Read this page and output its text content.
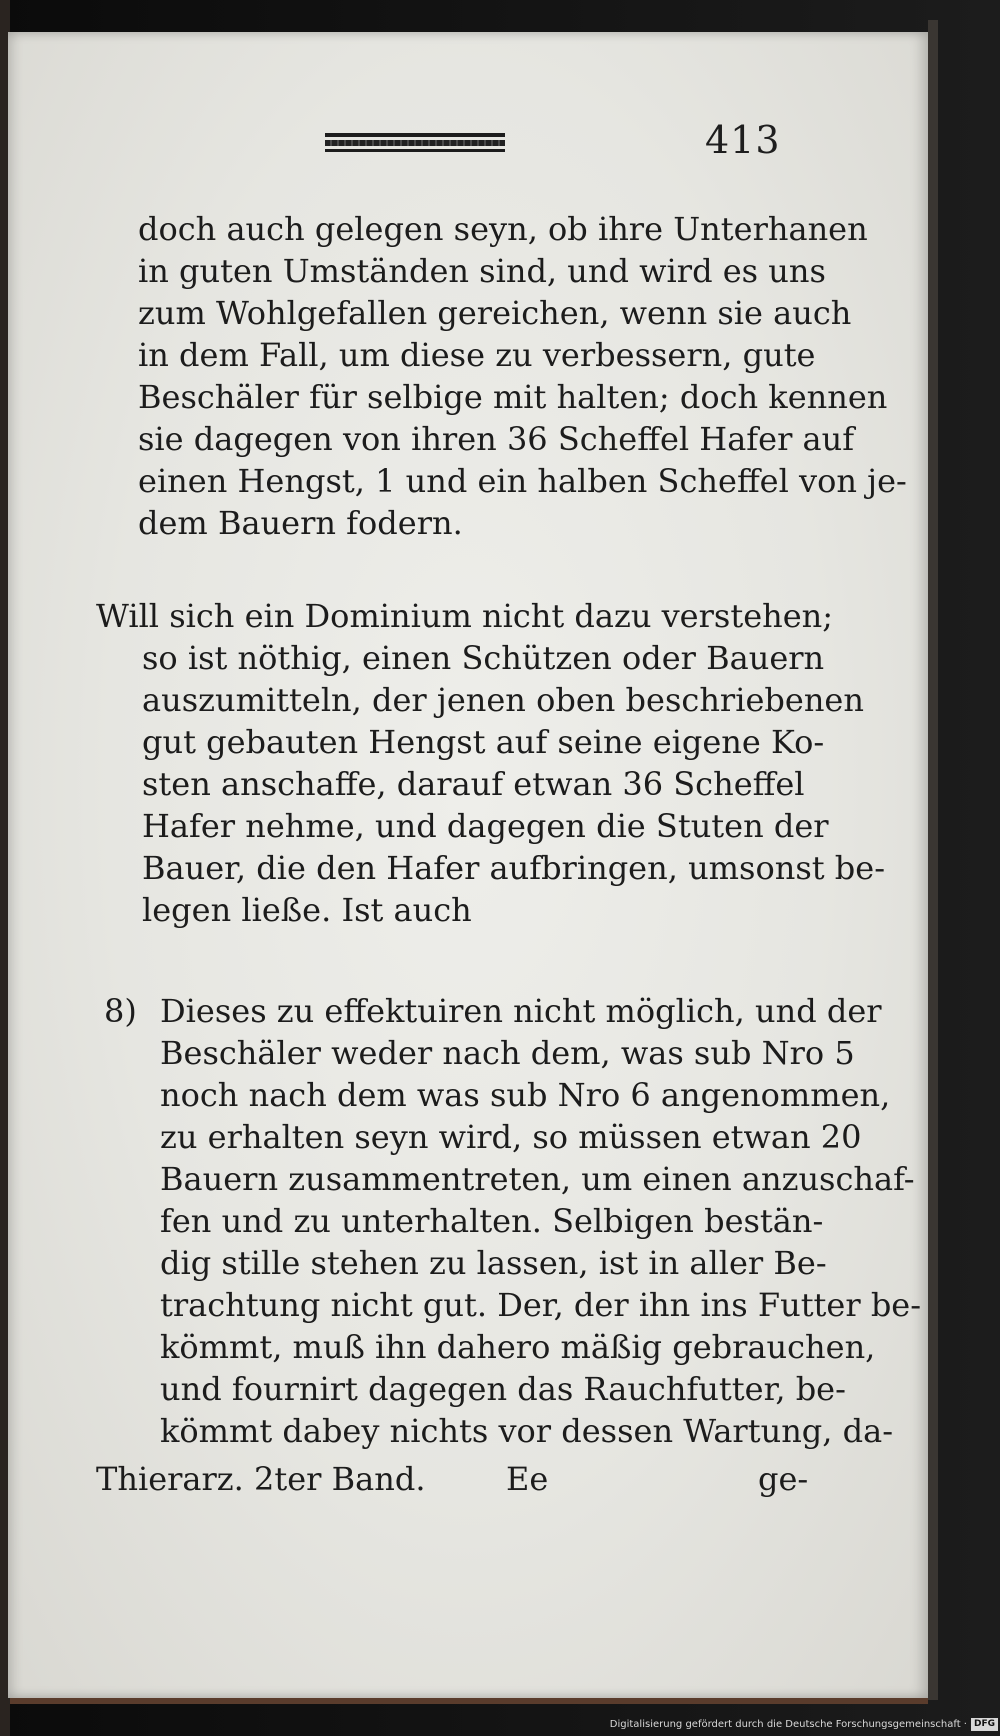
413
doch auch gelegen seyn, ob ihre Unterhanen
in guten Umständen sind, und wird es uns
zum Wohlgefallen gereichen, wenn sie auch
in dem Fall, um diese zu verbessern, gute
Beschäler für selbige mit halten; doch kennen
sie dagegen von ihren 36 Scheffel Hafer auf
einen Hengst, 1 und ein halben Scheffel von je-
dem Bauern fodern.
Will sich ein Dominium nicht dazu verstehen;
so ist nöthig, einen Schützen oder Bauern
auszumitteln, der jenen oben beschriebenen
gut gebauten Hengst auf seine eigene Ko-
sten anschaffe, darauf etwan 36 Scheffel
Hafer nehme, und dagegen die Stuten der
Bauer, die den Hafer aufbringen, umsonst be-
legen ließe. Ist auch
8) Dieses zu effektuiren nicht möglich, und der
Beschäler weder nach dem, was sub Nro 5
noch nach dem was sub Nro 6 angenommen,
zu erhalten seyn wird, so müssen etwan 20
Bauern zusammentreten, um einen anzuschaf-
fen und zu unterhalten. Selbigen bestän-
dig stille stehen zu lassen, ist in aller Be-
trachtung nicht gut. Der, der ihn ins Futter be-
kömmt, muß ihn dahero mäßig gebrauchen,
und fournirt dagegen das Rauchfutter, be-
kömmt dabey nichts vor dessen Wartung, da-
Thierarz. 2ter Band.	Ee	ge-
Digitalisierung gefördert durch die Deutsche Forschungsgemeinschaft · DFG
